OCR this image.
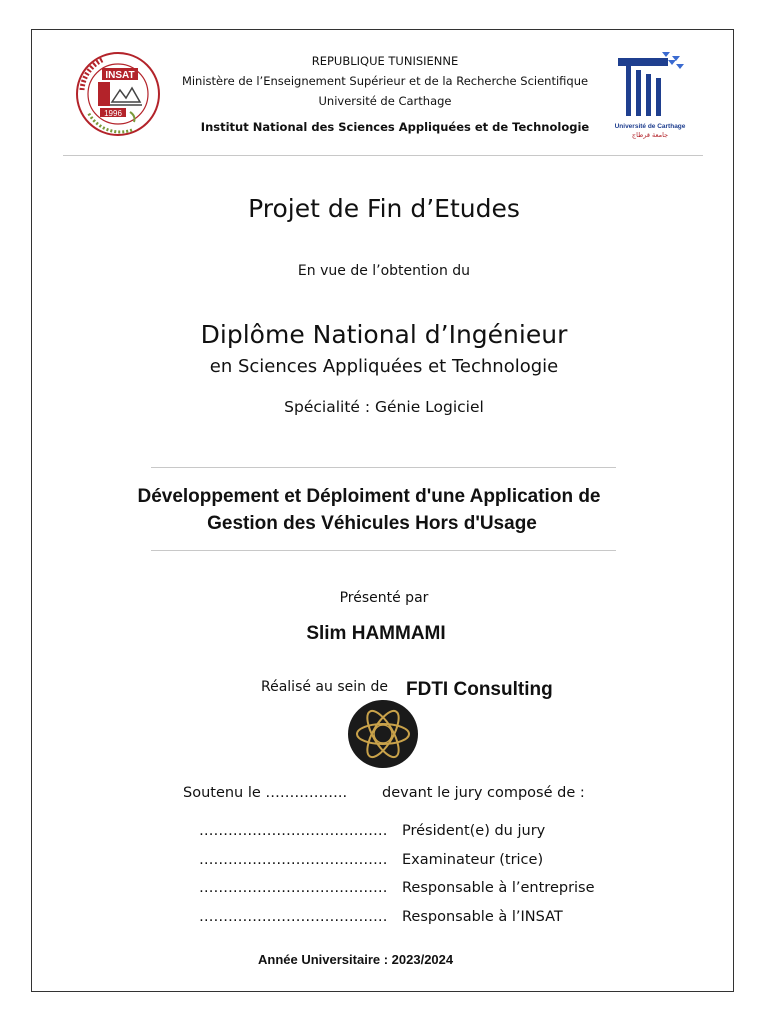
INSAT
1996
REPUBLIQUE TUNISIENNE
Ministère de l’Enseignement Supérieur et de la Recherche Scientifique
Université de Carthage
Institut National des Sciences Appliquées et de Technologie	Université de Carthage
جامعة قرطاج
Projet de Fin d’Etudes
En vue de l’obtention du
Diplôme National d’Ingénieur
en Sciences Appliquées et Technologie
Spécialité : Génie Logiciel
Développement et Déploiment d'une Application de
Gestion des Véhicules Hors d'Usage
Présenté par
Slim HAMMAMI
Réalisé au sein de FDTI Consulting
Soutenu le …………….. devant le jury composé de :
………………………………… Président(e) du jury
………………………………… Examinateur (trice)
………………………………… Responsable à l’entreprise
………………………………… Responsable à l’INSAT
Année Universitaire : 2023/2024
